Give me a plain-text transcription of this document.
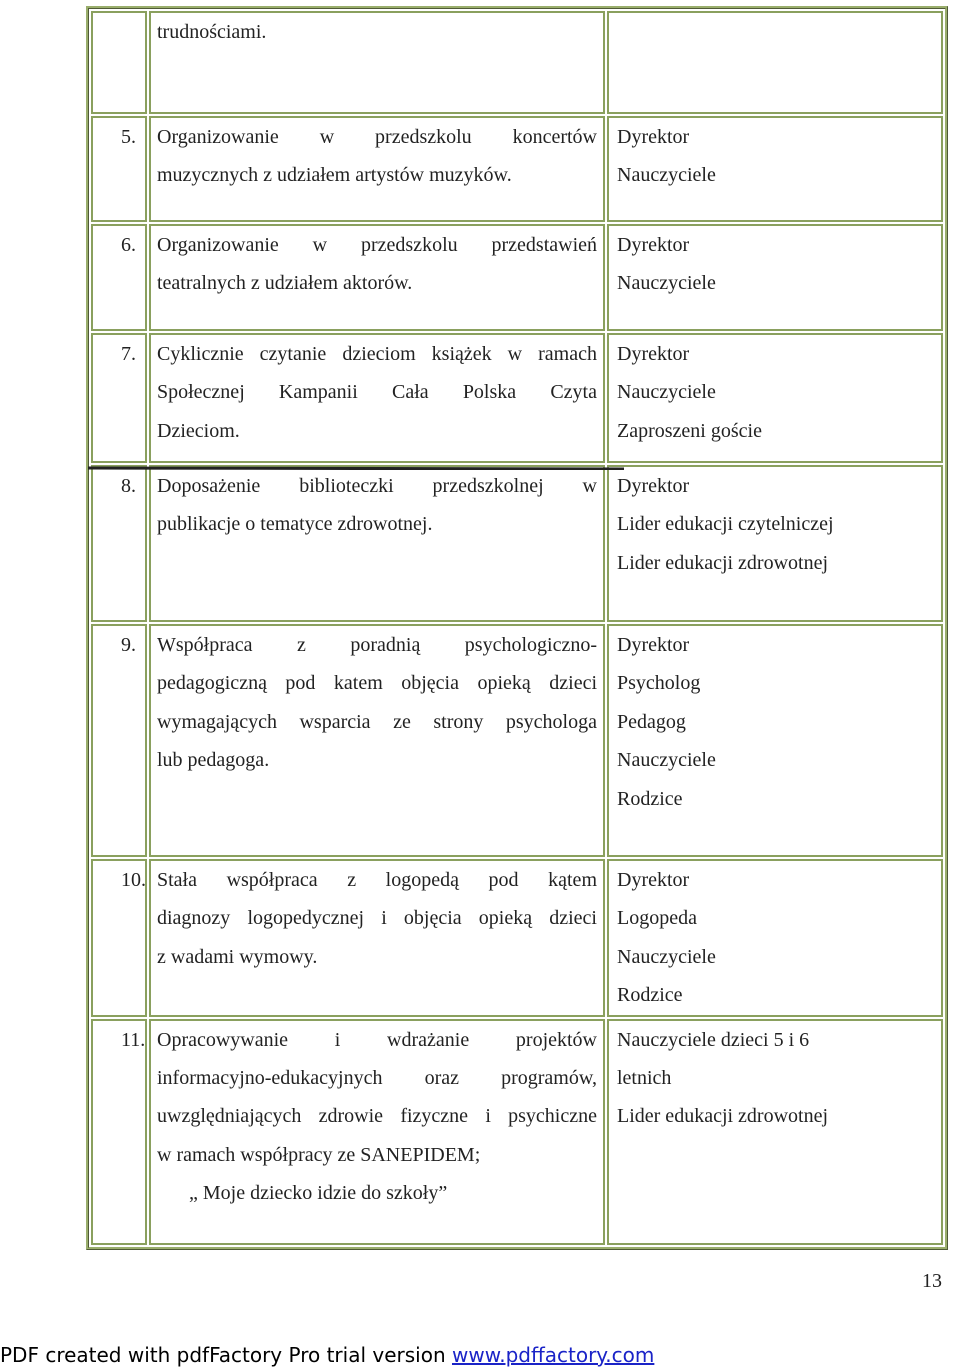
	trudnościami.	

5.	Organizowanie w przedszkolu koncertów
muzycznych z udziałem artystów muzyków.	Dyrektor
Nauczyciele

6.	Organizowanie w przedszkolu przedstawień
teatralnych z udziałem aktorów.	Dyrektor
Nauczyciele

7.	Cyklicznie czytanie dzieciom książek w ramach
Społecznej Kampanii Cała Polska Czyta
Dzieciom.	Dyrektor
Nauczyciele
Zaproszeni goście

8.	Doposażenie biblioteczki przedszkolnej w
publikacje o tematyce zdrowotnej.	Dyrektor
Lider edukacji czytelniczej
Lider edukacji zdrowotnej

9.	Współpraca z poradnią psychologiczno-
pedagogiczną pod katem objęcia opieką dzieci
wymagających wsparcia ze strony psychologa
lub pedagoga.	Dyrektor
Psycholog
Pedagog
Nauczyciele
Rodzice

10.	Stała współpraca z logopedą pod kątem
diagnozy logopedycznej i objęcia opieką dzieci
z wadami wymowy.	Dyrektor
Logopeda
Nauczyciele
Rodzice

11.	Opracowywanie i wdrażanie projektów
informacyjno-edukacyjnych oraz programów,
uwzględniających zdrowie fizyczne i psychiczne
w ramach współpracy ze SANEPIDEM;
„ Moje dziecko idzie do szkoły”	Nauczyciele dzieci 5 i 6
letnich
Lider edukacji zdrowotnej
13
PDF created with pdfFactory Pro trial version www.pdffactory.com
